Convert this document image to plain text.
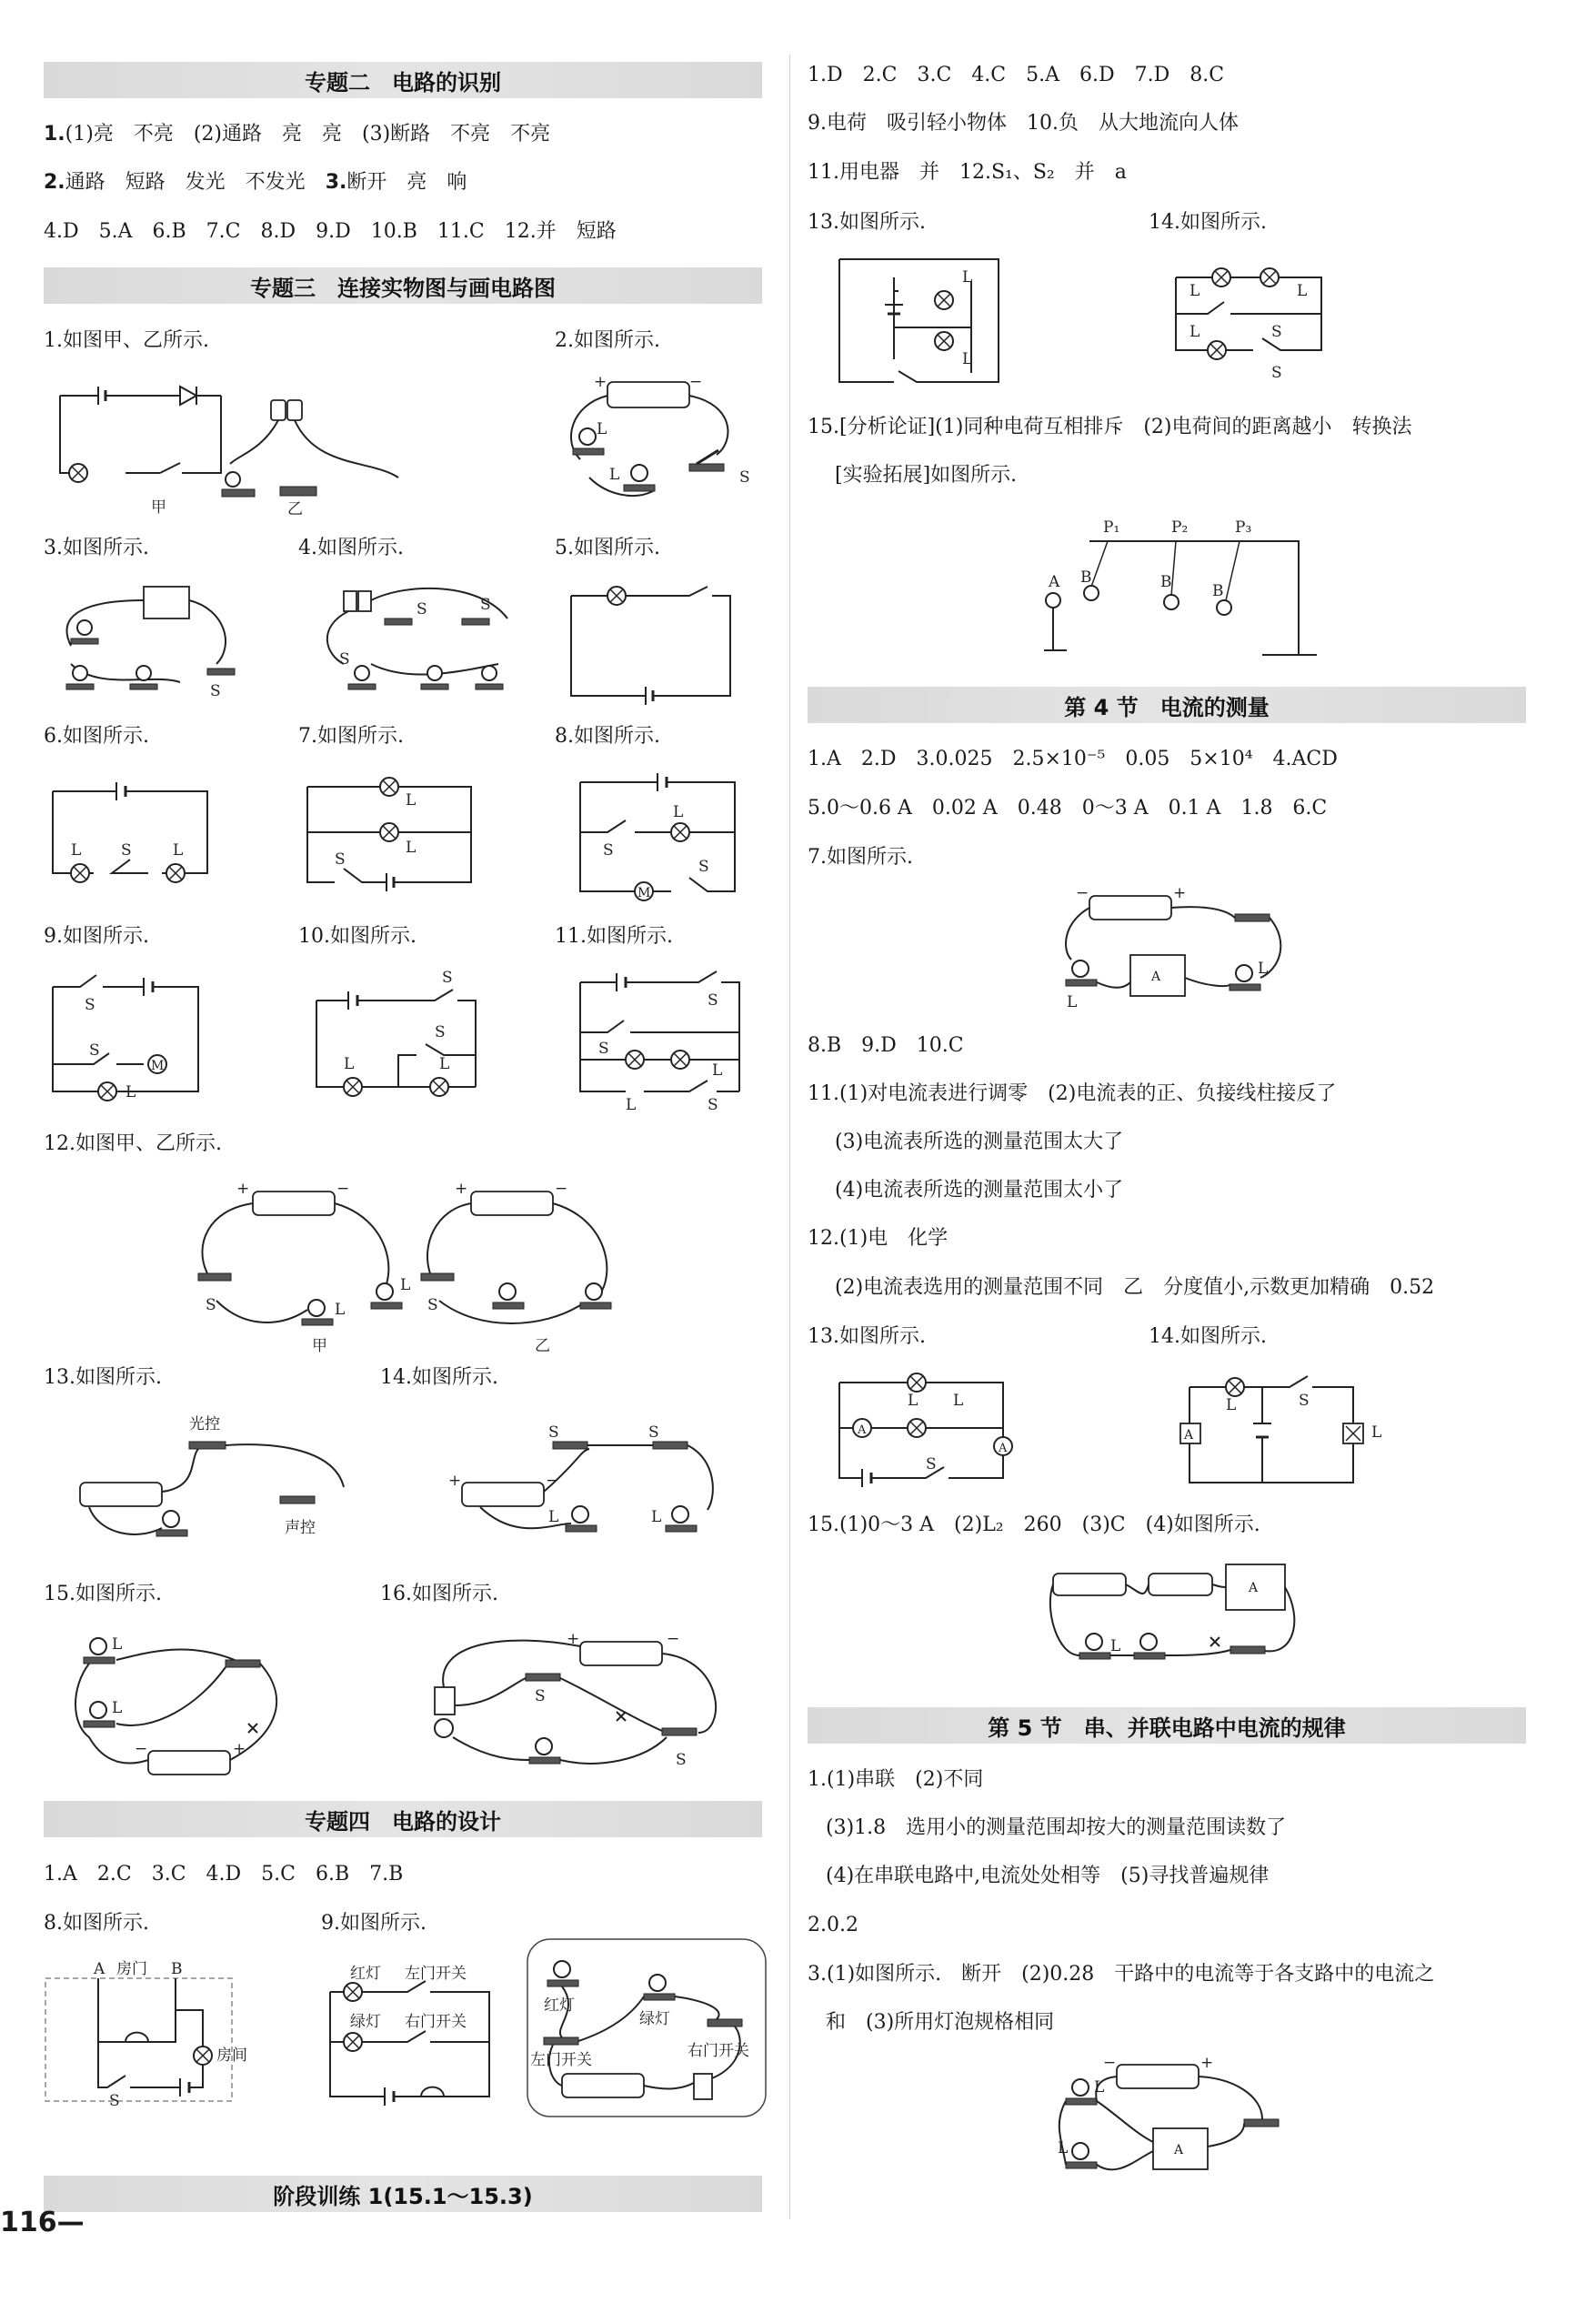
专题二　电路的识别
1.(1)亮　不亮　(2)通路　亮　亮　(3)断路　不亮　不亮
2.通路　短路　发光　不发光　3.断开　亮　响
4.D　5.A　6.B　7.C　8.D　9.D　10.B　11.C　12.并　短路
专题三　连接实物图与画电路图
1.如图甲、乙所示.
甲	乙
2.如图所示.
+	−
L
L	S
3.如图所示.	4.如图所示.	5.如图所示.
S
S	S
S
6.如图所示.	7.如图所示.	8.如图所示.
L	S	L
L
L
S
M
L
S
S
9.如图所示.	10.如图所示.	11.如图所示.
M
S
S
L
S
S
L	L
S
S
L
L	S
12.如图甲、乙所示.
+	−
S	L
L
甲
+	−
S
乙
13.如图所示.	14.如图所示.
光控
声控
+	−
S	S
L	L
15.如图所示.	16.如图所示.
L
L
−	+
+	−
S
S
专题四　电路的设计
1.A　2.C　3.C　4.D　5.C　6.B　7.B
8.如图所示.	9.如图所示.
A 房门 B
房间
S
红灯 左门开关
绿灯 右门开关
红灯
绿灯
左门开关	右门开关
阶段训练 1(15.1～15.3)
116—
1.D　2.C　3.C　4.C　5.A　6.D　7.D　8.C
9.电荷　吸引轻小物体　10.负　从大地流向人体
11.用电器　并　12.S₁、S₂　并　a
13.如图所示.	14.如图所示.
L
L
L	L
L	S
S
15.[分析论证](1)同种电荷互相排斥　(2)电荷间的距离越小　转换法
[实验拓展]如图所示.
P₁	P₂	P₃
A B	B	B
第 4 节　电流的测量
1.A　2.D　3.0.025　2.5×10⁻⁵　0.05　5×10⁴　4.ACD
5.0～0.6 A　0.02 A　0.48　0～3 A　0.1 A　1.8　6.C
7.如图所示.
−	+
A
L
L
8.B　9.D　10.C
11.(1)对电流表进行调零　(2)电流表的正、负接线柱接反了
(3)电流表所选的测量范围太大了
(4)电流表所选的测量范围太小了
12.(1)电　化学
(2)电流表选用的测量范围不同　乙　分度值小,示数更加精确　0.52
13.如图所示.	14.如图所示.
A
A
L L
S
A
L
L
S
15.(1)0～3 A　(2)L₂　260　(3)C　(4)如图所示.
A
L
第 5 节　串、并联电路中电流的规律
1.(1)串联　(2)不同
(3)1.8　选用小的测量范围却按大的测量范围读数了
(4)在串联电路中,电流处处相等　(5)寻找普遍规律
2.0.2
3.(1)如图所示.　断开　(2)0.28　干路中的电流等于各支路中的电流之
和　(3)所用灯泡规格相同
−	+
L
L	A
